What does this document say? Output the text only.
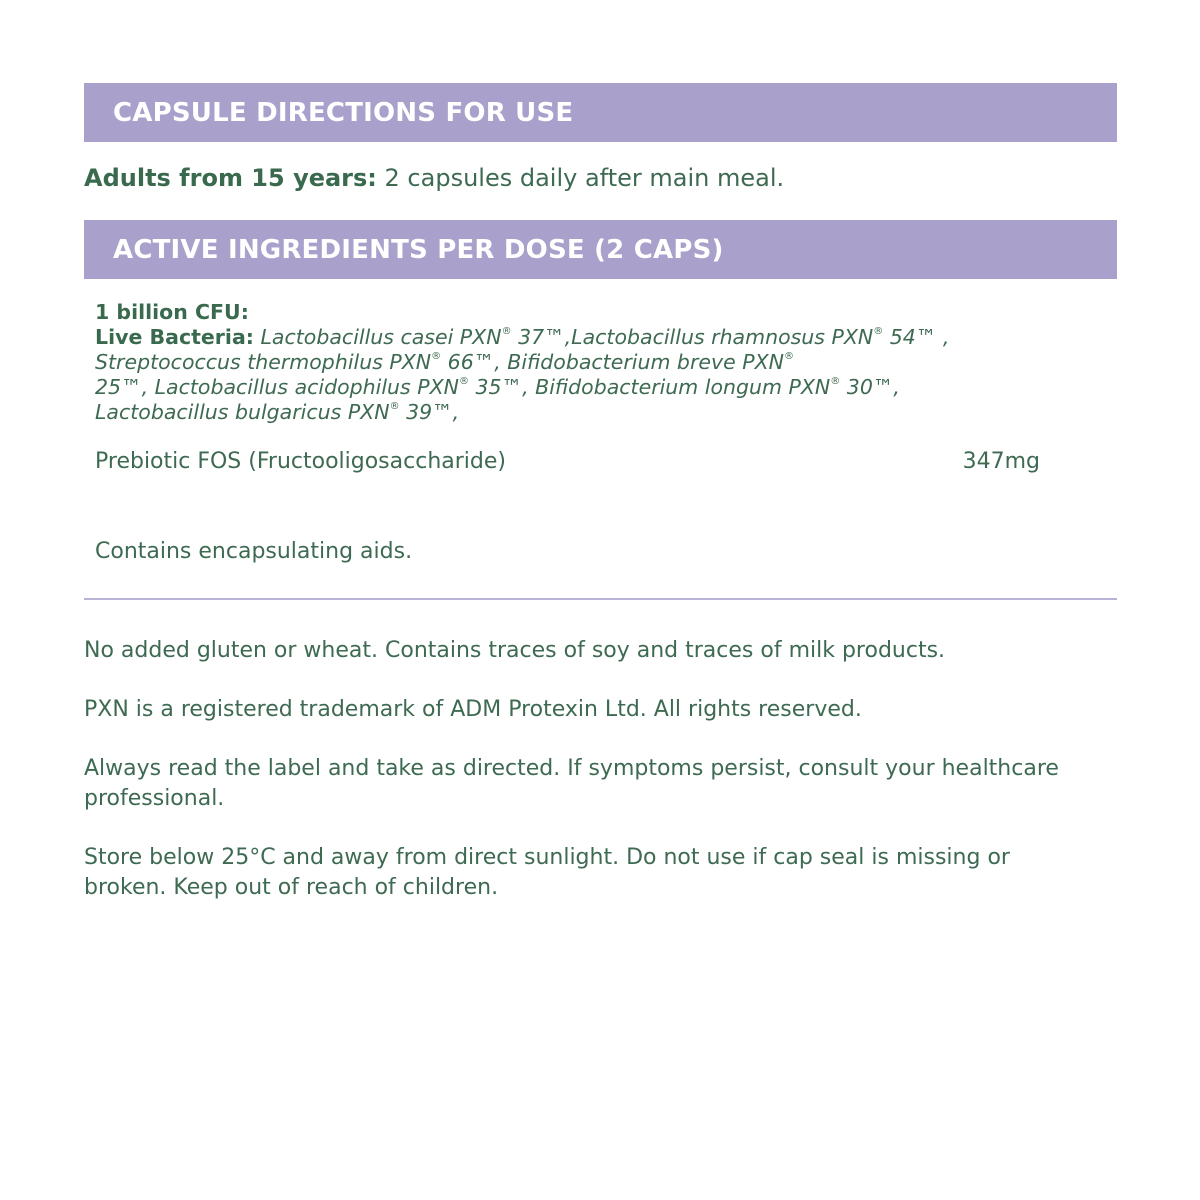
CAPSULE DIRECTIONS FOR USE
Adults from 15 years: 2 capsules daily after main meal.
ACTIVE INGREDIENTS PER DOSE (2 CAPS)
1 billion CFU:
Live Bacteria: Lactobacillus casei PXN® 37™,Lactobacillus rhamnosus PXN® 54™ ,
Streptococcus thermophilus PXN® 66™, Bifidobacterium breve PXN®
25™, Lactobacillus acidophilus PXN® 35™, Bifidobacterium longum PXN® 30™,
Lactobacillus bulgaricus PXN® 39™,
Prebiotic FOS (Fructooligosaccharide)	347mg
Contains encapsulating aids.

No added gluten or wheat. Contains traces of soy and traces of milk products.

PXN is a registered trademark of ADM Protexin Ltd. All rights reserved.

Always read the label and take as directed. If symptoms persist, consult your healthcare professional.

Store below 25°C and away from direct sunlight. Do not use if cap seal is missing or broken. Keep out of reach of children.
